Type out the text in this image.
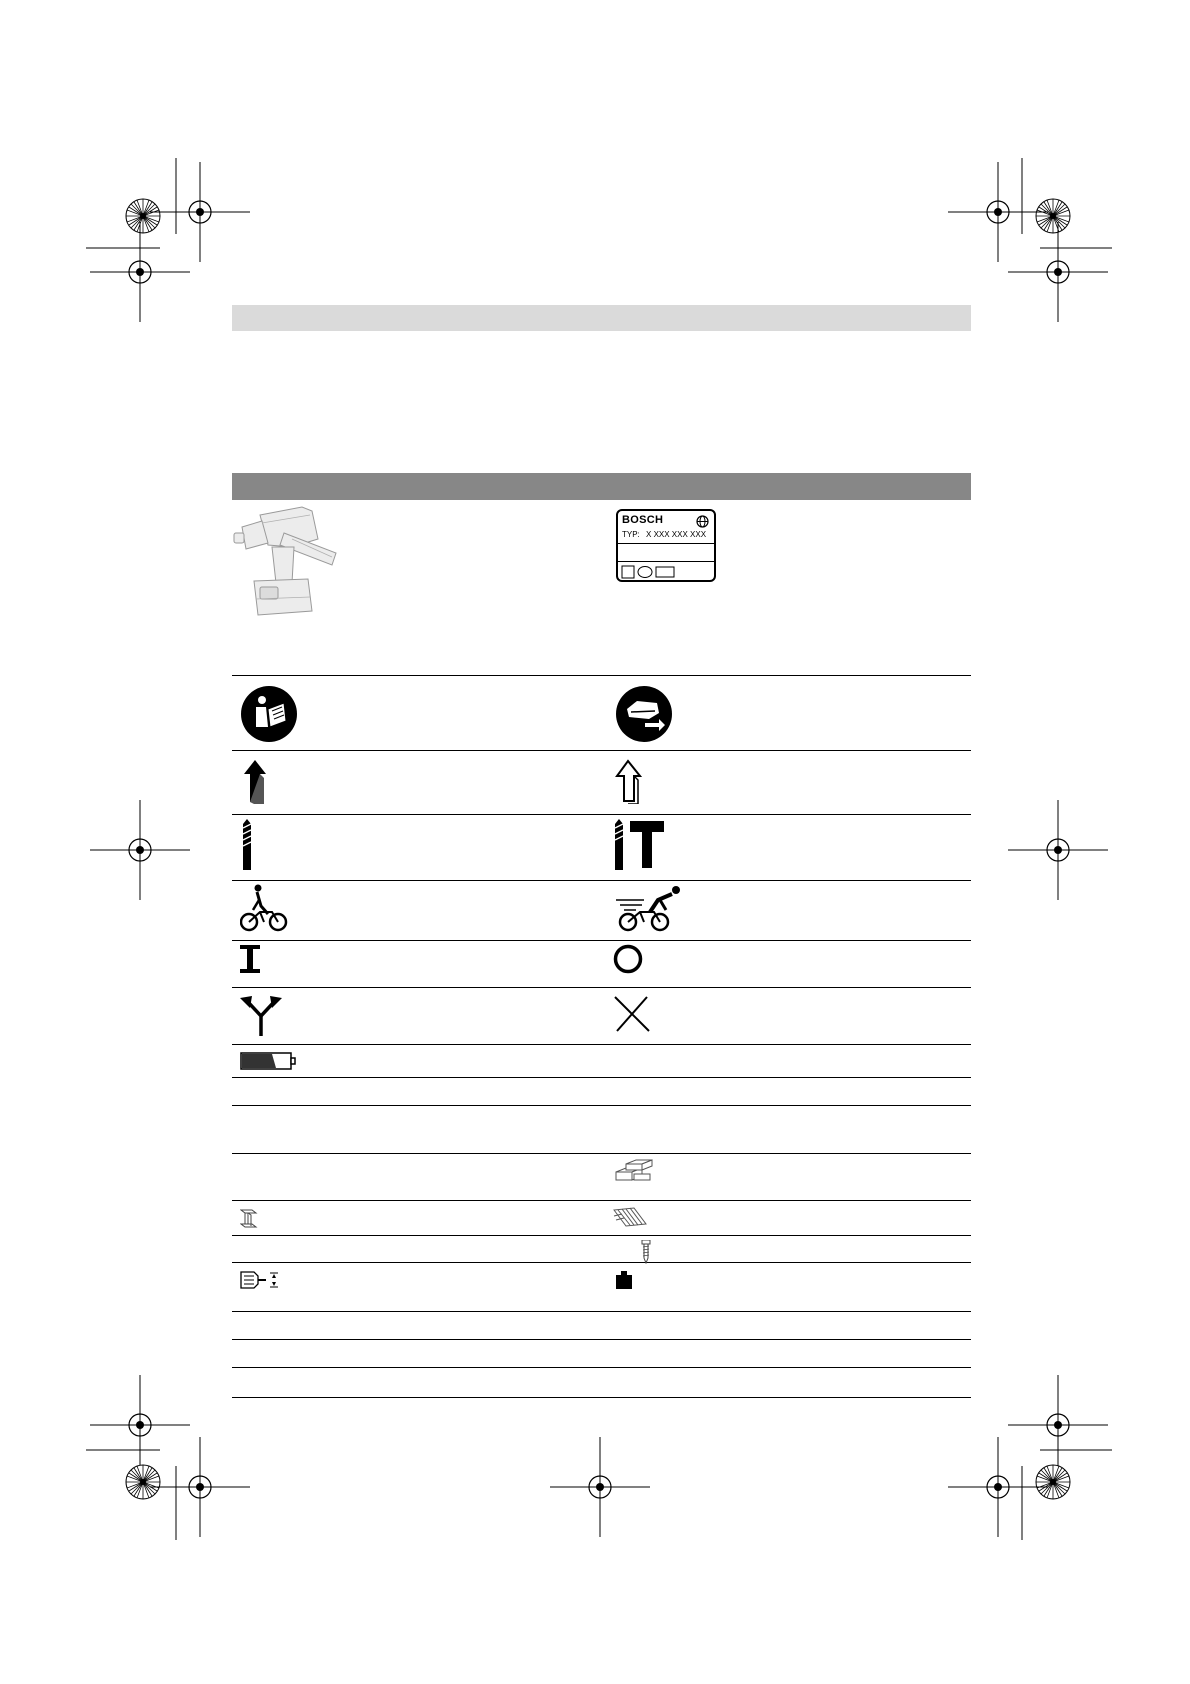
BOSCH
TYP: X XXX XXX XXX
